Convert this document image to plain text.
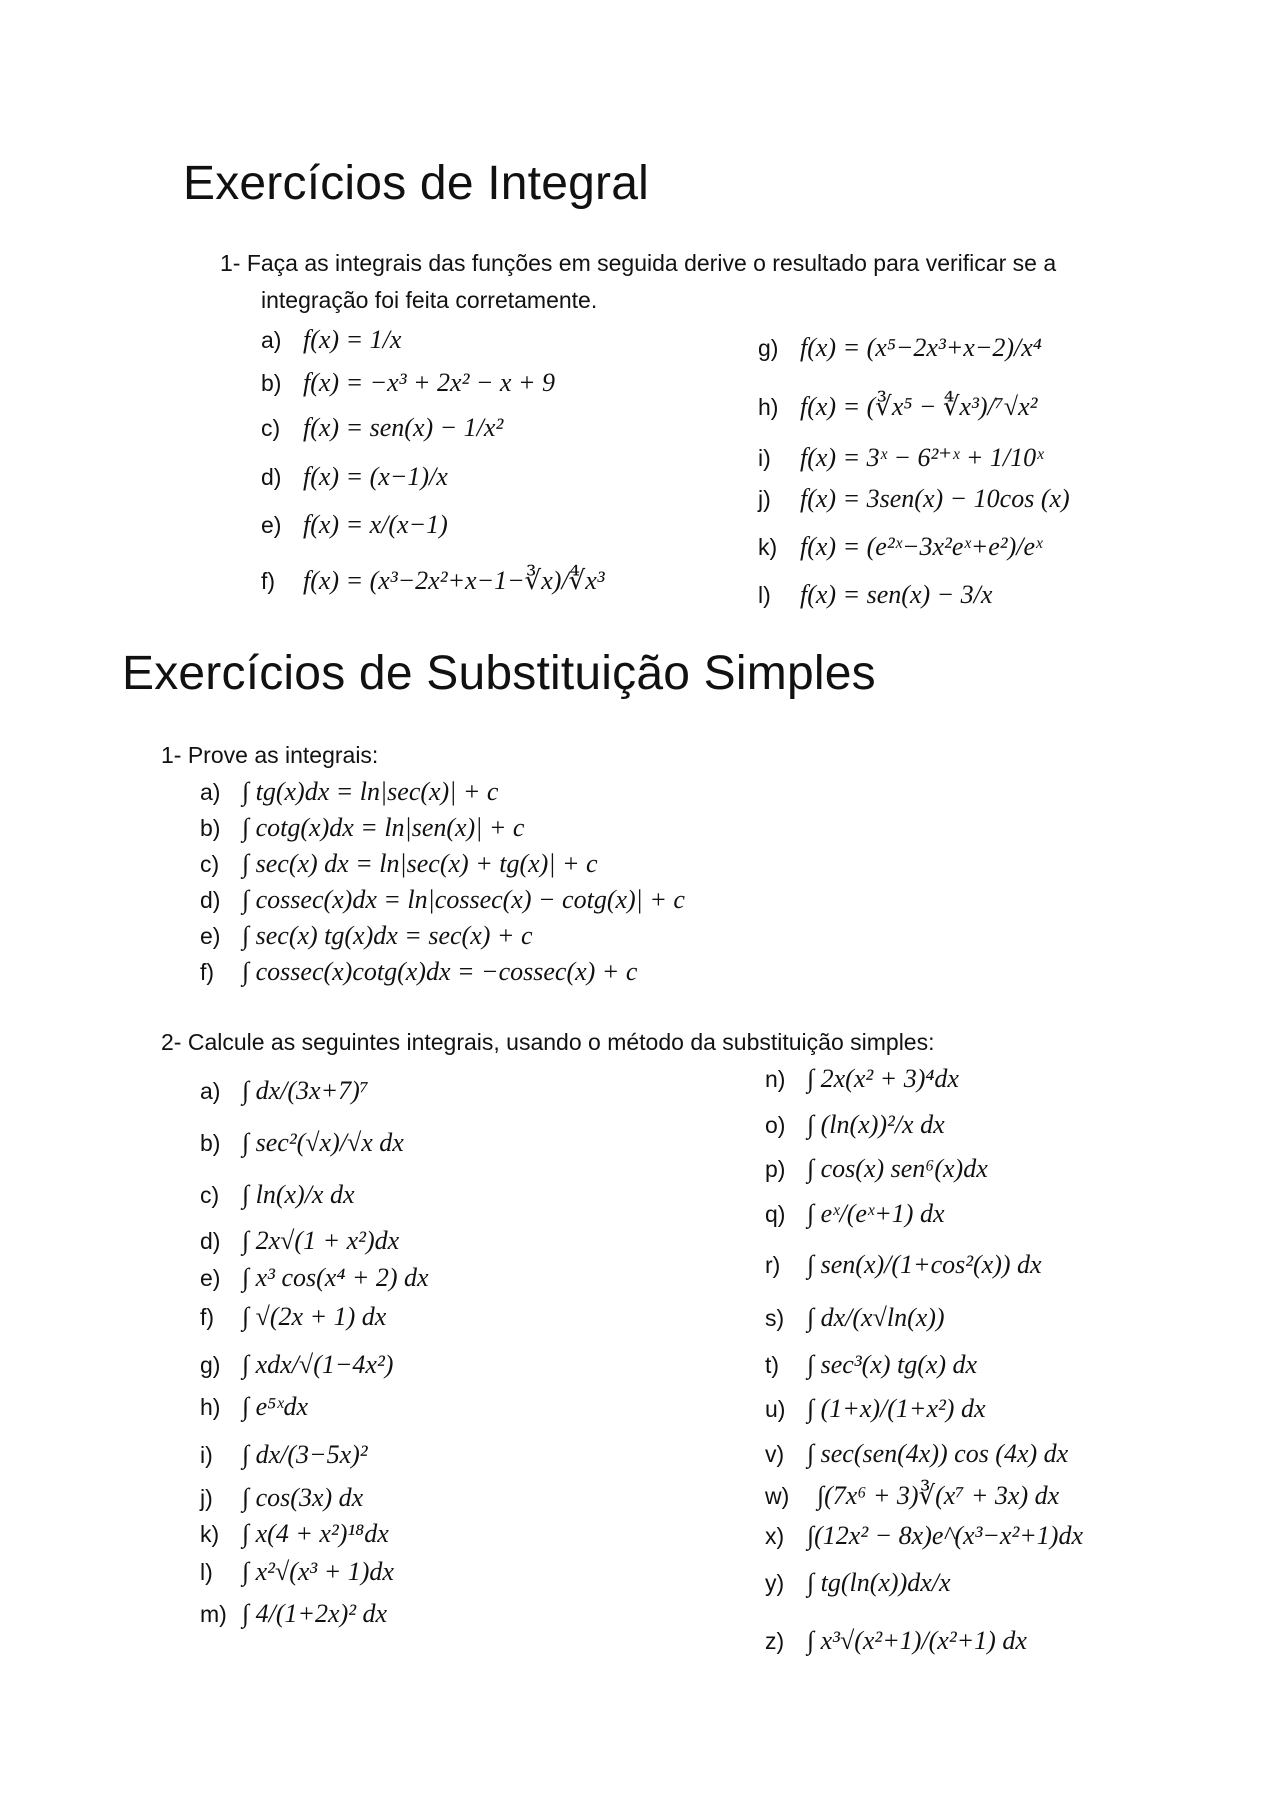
Exercícios de Integral
1- Faça as integrais das funções em seguida derive o resultado para verificar se a
integração foi feita corretamente.
a) f(x) = 1/x
b) f(x) = −x³ + 2x² − x + 9
c) f(x) = sen(x) − 1/x²
d) f(x) = (x−1)/x
e) f(x) = x/(x−1)
f)	f(x) = (x³−2x²+x−1−∛x)/∜x³
g) f(x) = (x⁵−2x³+x−2)/x⁴
h) f(x) = (∛x⁵ − ∜x³)/⁷√x²
i)	f(x) = 3ˣ − 6²⁺ˣ + 1/10ˣ
j)	f(x) = 3sen(x) − 10cos (x)
k) f(x) = (e²ˣ−3x²eˣ+e²)/eˣ
l)	f(x) = sen(x) − 3/x
Exercícios de Substituição Simples
1- Prove as integrais:
a) ∫ tg(x)dx = ln|sec(x)| + c
b) ∫ cotg(x)dx = ln|sen(x)| + c
c) ∫ sec(x) dx = ln|sec(x) + tg(x)| + c
d) ∫ cossec(x)dx = ln|cossec(x) − cotg(x)| + c
e) ∫ sec(x) tg(x)dx = sec(x) + c
f)	∫ cossec(x)cotg(x)dx = −cossec(x) + c
2- Calcule as seguintes integrais, usando o método da substituição simples:
a) ∫ dx/(3x+7)⁷
b) ∫ sec²(√x)/√x dx
c) ∫ ln(x)/x dx
d) ∫ 2x√(1 + x²)dx
e) ∫ x³ cos(x⁴ + 2) dx
f)	∫ √(2x + 1) dx
g) ∫ xdx/√(1−4x²)
h) ∫ e⁵ˣdx
i)	∫ dx/(3−5x)²
j)	∫ cos(3x) dx
k) ∫ x(4 + x²)¹⁸dx
l)	∫ x²√(x³ + 1)dx
m) ∫ 4/(1+2x)² dx
n) ∫ 2x(x² + 3)⁴dx
o) ∫ (ln(x))²/x dx
p) ∫ cos(x) sen⁶(x)dx
q) ∫ eˣ/(eˣ+1) dx
r)	∫ sen(x)/(1+cos²(x)) dx
s) ∫ dx/(x√ln(x))
t)	∫ sec³(x) tg(x) dx
u) ∫ (1+x)/(1+x²) dx
v) ∫ sec(sen(4x)) cos (4x) dx
w)	∫(7x⁶ + 3)∛(x⁷ + 3x) dx
x) ∫(12x² − 8x)e^(x³−x²+1)dx
y) ∫ tg(ln(x))dx/x
z) ∫ x³√(x²+1)/(x²+1) dx
